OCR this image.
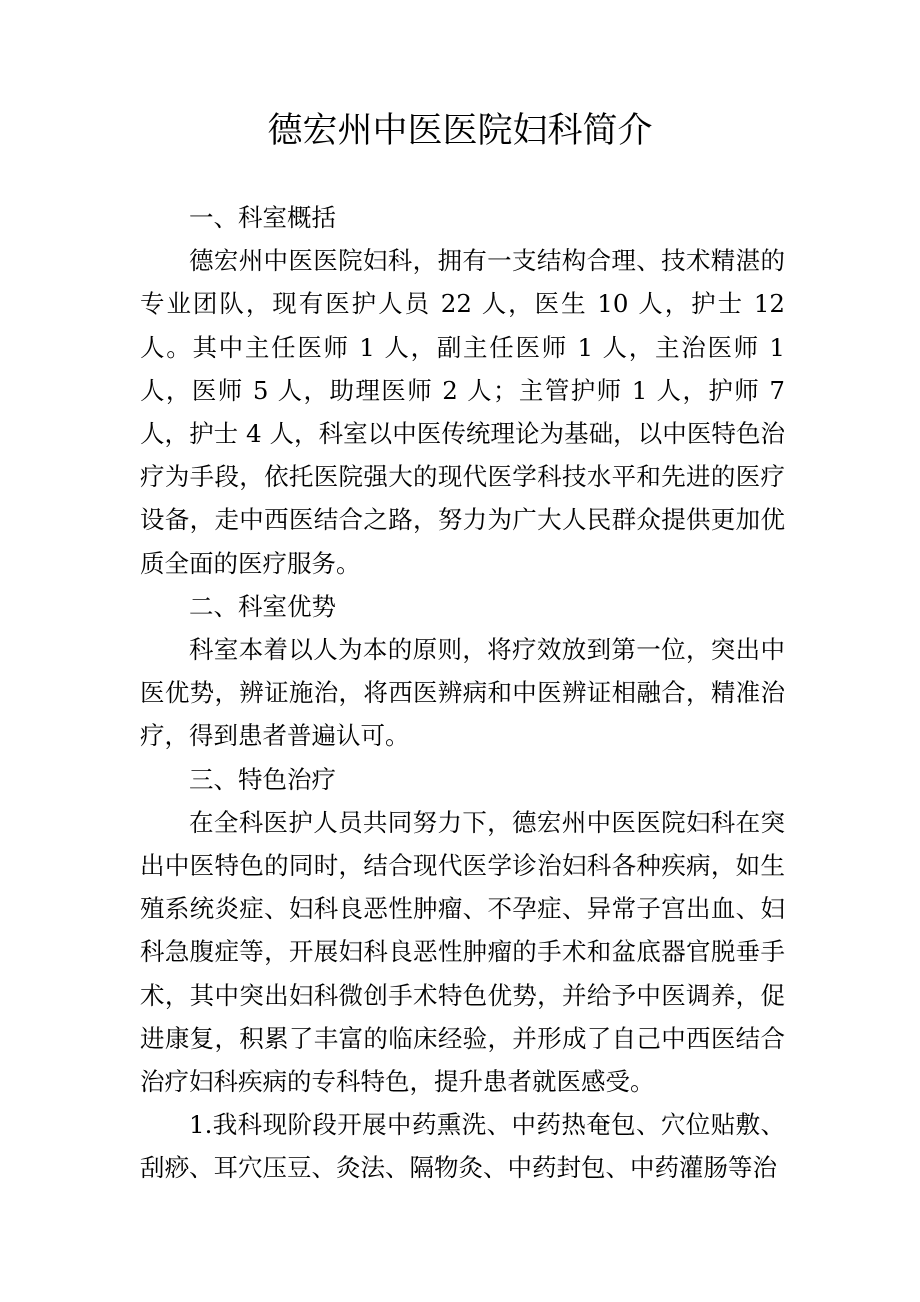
德宏州中医医院妇科简介

一、科室概括

德宏州中医医院妇科，拥有一支结构合理、技术精湛的专业团队，现有医护人员 22 人，医生 10 人，护士 12 人。其中主任医师 1 人，副主任医师 1 人，主治医师 1 人，医师 5 人，助理医师 2 人；主管护师 1 人，护师 7 人，护士 4 人，科室以中医传统理论为基础，以中医特色治疗为手段，依托医院强大的现代医学科技水平和先进的医疗设备，走中西医结合之路，努力为广大人民群众提供更加优质全面的医疗服务。

二、科室优势

科室本着以人为本的原则，将疗效放到第一位，突出中医优势，辨证施治，将西医辨病和中医辨证相融合，精准治疗，得到患者普遍认可。

三、特色治疗

在全科医护人员共同努力下，德宏州中医医院妇科在突出中医特色的同时，结合现代医学诊治妇科各种疾病，如生殖系统炎症、妇科良恶性肿瘤、不孕症、异常子宫出血、妇科急腹症等，开展妇科良恶性肿瘤的手术和盆底器官脱垂手术，其中突出妇科微创手术特色优势，并给予中医调养，促进康复，积累了丰富的临床经验，并形成了自己中西医结合治疗妇科疾病的专科特色，提升患者就医感受。

1.我科现阶段开展中药熏洗、中药热奄包、穴位贴敷、刮痧、耳穴压豆、灸法、隔物灸、中药封包、中药灌肠等治
